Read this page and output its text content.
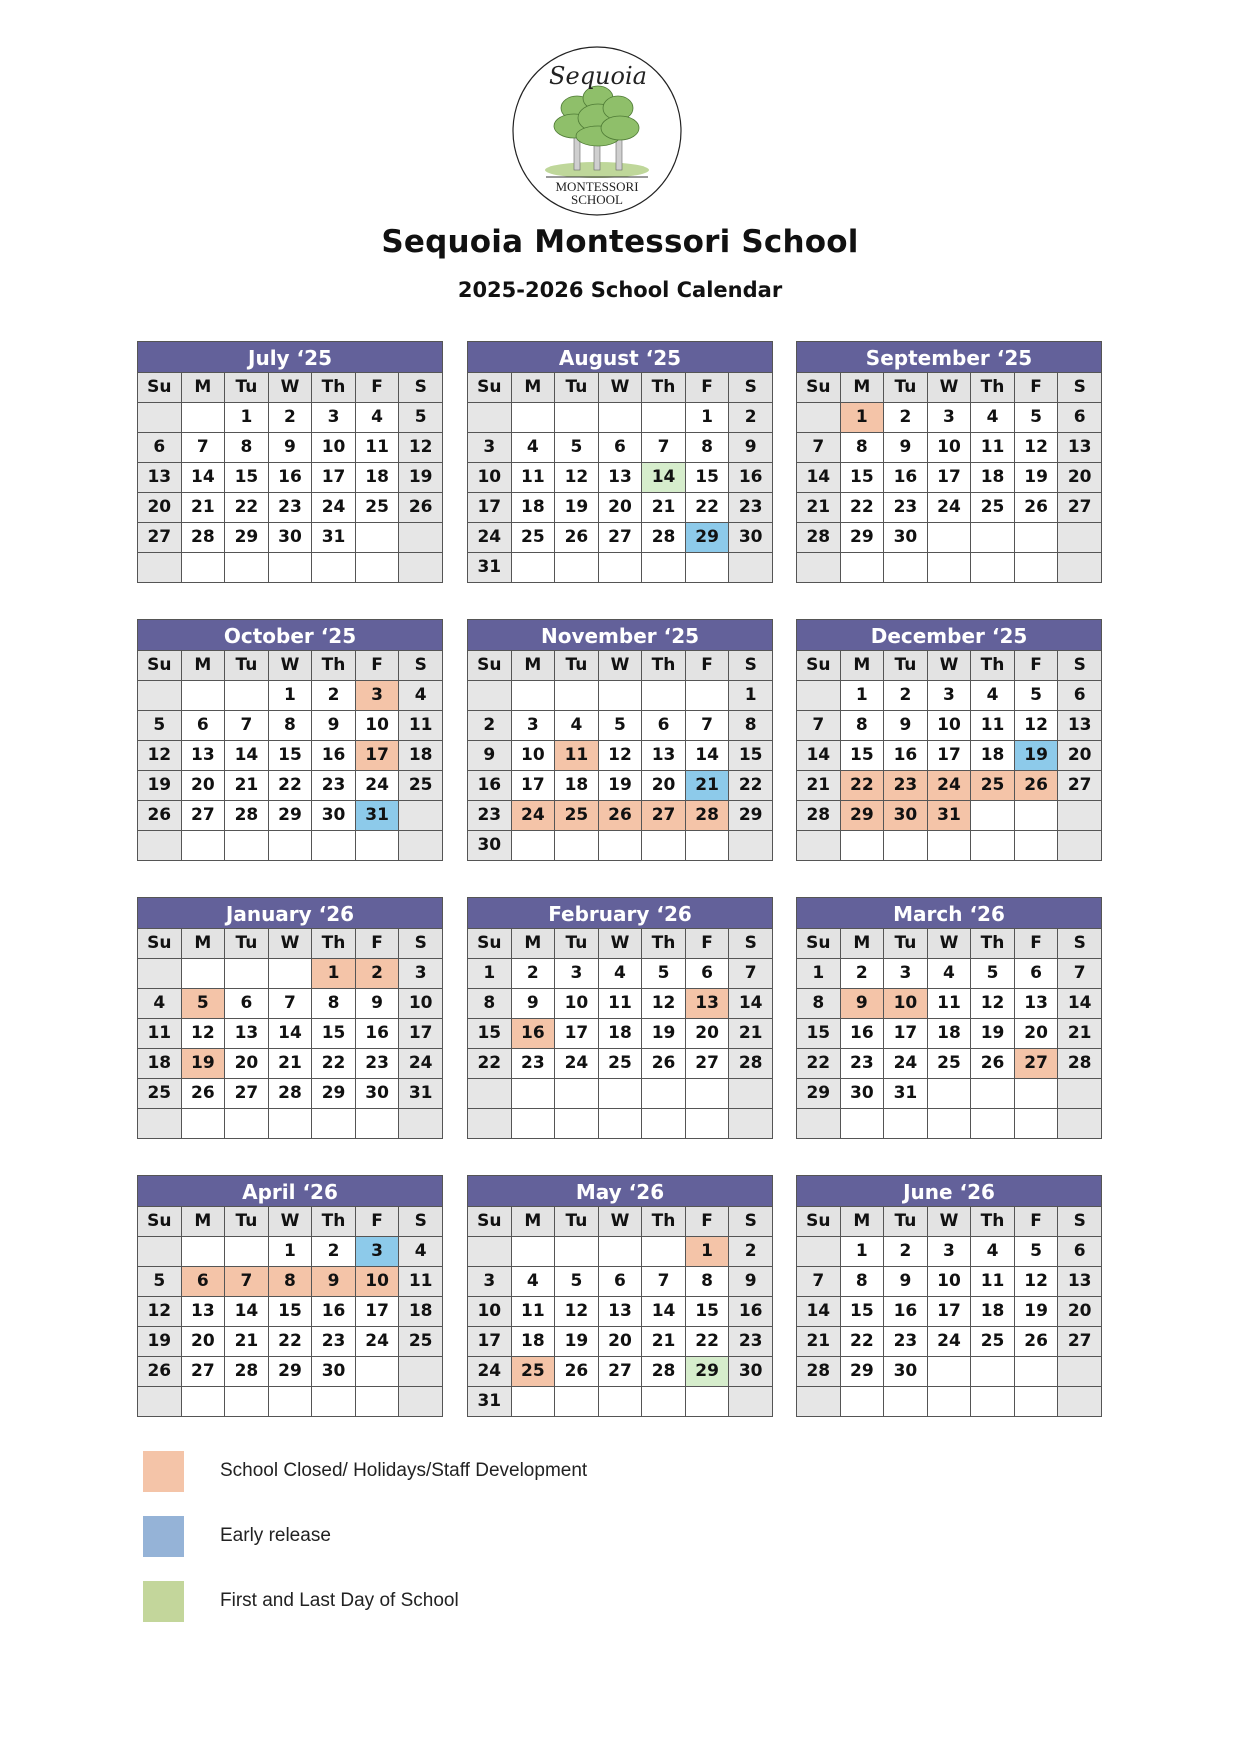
Sequoia
MONTESSORI
SCHOOL
Sequoia Montessori School
2025-2026 School Calendar
July ‘25
Su	M	Tu	W	Th	F	S
		1	2	3	4	5
6	7	8	9	10	11	12
13	14	15	16	17	18	19
20	21	22	23	24	25	26
27	28	29	30	31		

August ‘25
Su	M	Tu	W	Th	F	S
					1	2
3	4	5	6	7	8	9
10	11	12	13	14	15	16
17	18	19	20	21	22	23
24	25	26	27	28	29	30
31						
September ‘25
Su	M	Tu	W	Th	F	S
	1	2	3	4	5	6
7	8	9	10	11	12	13
14	15	16	17	18	19	20
21	22	23	24	25	26	27
28	29	30				

October ‘25
Su	M	Tu	W	Th	F	S
			1	2	3	4
5	6	7	8	9	10	11
12	13	14	15	16	17	18
19	20	21	22	23	24	25
26	27	28	29	30	31	

November ‘25
Su	M	Tu	W	Th	F	S
						1
2	3	4	5	6	7	8
9	10	11	12	13	14	15
16	17	18	19	20	21	22
23	24	25	26	27	28	29
30						
December ‘25
Su	M	Tu	W	Th	F	S
	1	2	3	4	5	6
7	8	9	10	11	12	13
14	15	16	17	18	19	20
21	22	23	24	25	26	27
28	29	30	31			

January ‘26
Su	M	Tu	W	Th	F	S
				1	2	3
4	5	6	7	8	9	10
11	12	13	14	15	16	17
18	19	20	21	22	23	24
25	26	27	28	29	30	31

February ‘26
Su	M	Tu	W	Th	F	S
1	2	3	4	5	6	7
8	9	10	11	12	13	14
15	16	17	18	19	20	21
22	23	24	25	26	27	28

March ‘26
Su	M	Tu	W	Th	F	S
1	2	3	4	5	6	7
8	9	10	11	12	13	14
15	16	17	18	19	20	21
22	23	24	25	26	27	28
29	30	31				

April ‘26
Su	M	Tu	W	Th	F	S
			1	2	3	4
5	6	7	8	9	10	11
12	13	14	15	16	17	18
19	20	21	22	23	24	25
26	27	28	29	30		

May ‘26
Su	M	Tu	W	Th	F	S
					1	2
3	4	5	6	7	8	9
10	11	12	13	14	15	16
17	18	19	20	21	22	23
24	25	26	27	28	29	30
31						
June ‘26
Su	M	Tu	W	Th	F	S
	1	2	3	4	5	6
7	8	9	10	11	12	13
14	15	16	17	18	19	20
21	22	23	24	25	26	27
28	29	30				

School Closed/ Holidays/Staff Development
Early release
First and Last Day of School
